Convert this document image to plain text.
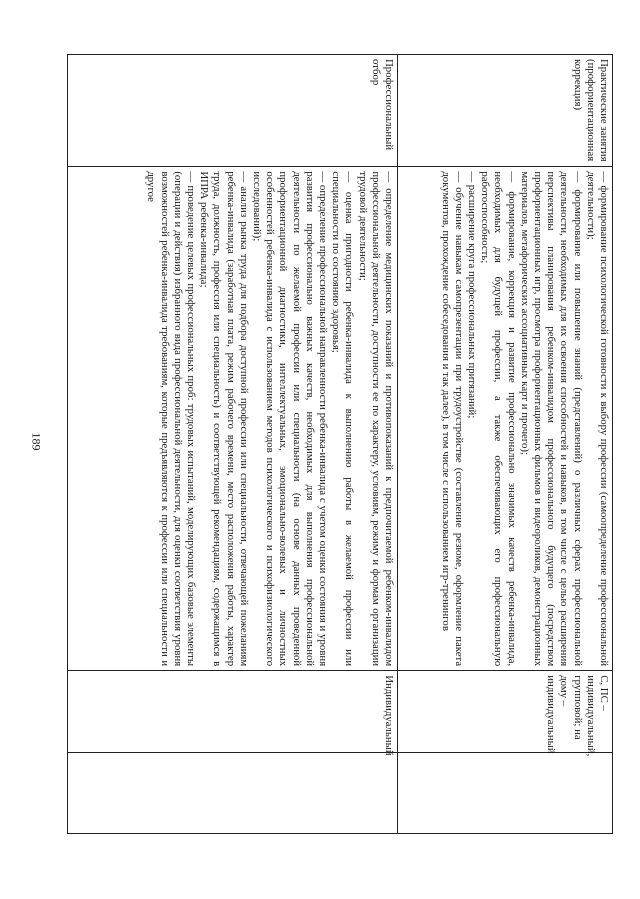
189
Практические занятия (профориентационная коррекция)	— формирование психологической готовности к выбору профессии (самоопределение профессиональной деятельности);

— формирование или повышение знаний (представлений) о различных сферах профессиональной деятельности, необходимых для их освоения способностей и навыков, в том числе с целью расширения перспективы планирования ребенком-инвалидом профессионального будущего (посредством профориентационных игр, просмотра профориентационных фильмов и видеороликов, демонстрационных материалов, метафорических ассоциативных карт и прочего);

— формирование, коррекция и развитие профессионально значимых качеств ребенка-инвалида, необходимых для будущей профессии, а также обеспечивающих его профессиональную работоспособность;

— расширение круга профессиональных притязаний;

— обучение навыкам самопрезентации при трудоустройстве (составление резюме, оформление пакета документов, прохождение собеседования и так далее), в том числе с использованием игр-тренингов	С, ПС – индивидуальный, групповой; на дому – индивидуальный	
Профессиональный отбор	— определение медицинских показаний и противопоказаний к предпочитаемой ребенком-инвалидом профессиональной деятельности, доступности ее по характеру, условиям, режиму и формам организации трудовой деятельности;

— оценка пригодности ребенка-инвалида к выполнению работы в желаемой профессии или специальности по состоянию здоровья;

— определение профессиональной направленности ребенка-инвалида с учетом оценки состояния и уровня развития профессионально важных качеств, необходимых для выполнения профессиональной деятельности по желаемой профессии или специальности (на основе данных проведенной профориентационной диагностики, интеллектуальных, эмоционально-волевых и личностных особенностей ребенка-инвалида с использованием методов психологического и психофизиологического исследований);

— анализ рынка труда для подбора доступной профессии или специальности, отвечающей пожеланиям ребенка-инвалида (заработная плата, режим рабочего времени, место расположения работы, характер труда, должность, профессия или специальность) и соответствующей рекомендациям, содержащимся в ИПРА ребенка-инвалида;

— проведение целевых профессиональных проб: трудовых испытаний, моделирующих базовые элементы (операции и действия) избранного вида профессиональной деятельности, для оценки соответствия уровня возможностей ребенка-инвалида требованиям, которые предъявляются к профессии или специальности и другое	Индивидуальный	
